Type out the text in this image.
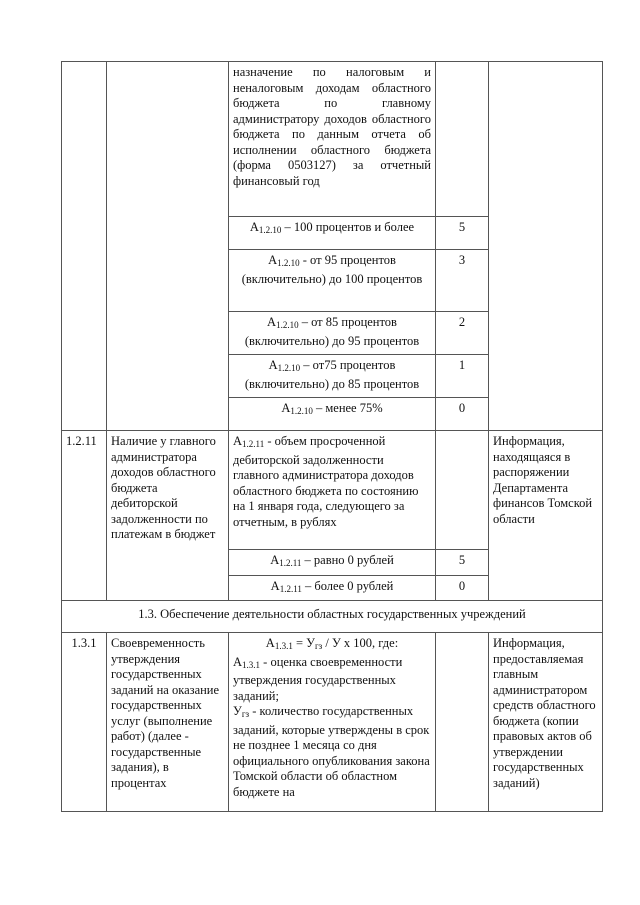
		назначение по налоговым и неналоговым доходам областного бюджета по главному администратору доходов областного бюджета по данным отчета об исполнении областного бюджета (форма 0503127) за отчетный финансовый год		
		$A_{1.2.10} - 100$ процентов и более	5	
		$A_{1.2.10}$ - от 95 процентов (включительно) до 100 процентов	3	
		$A_{1.2.10}$ – от 85 процентов (включительно) до 95 процентов	2	
		$A_{1.2.10} - от75$ процентов (включительно) до 85 процентов	1	
		$A_{1.2.10}$ – менее 75%	0	
1.2.11	Наличие у главного администратора доходов областного бюджета дебиторской задолженности по платежам в бюджет	$A_{1.2.11}$ - объем просроченной дебиторской задолженности главного администратора доходов областного бюджета по состоянию на 1 января года, следующего за отчетным, в рублях		Информация, находящаяся в распоряжении Департамента финансов Томской области
		$A_{1.2.11}$ – равно 0 рублей	5	
		$A_{1.2.11}$ – более 0 рублей	0	
1.3. Обеспечение деятельности областных государственных учреждений				
1.3.1	Своевременность утверждения государственных заданий на оказание государственных услуг (выполнение работ) (далее - государственные задания), в процентах	$A_{1.3.1} = У_{гз} / У$ х 100, где:
$A_{1.3.1}$ - оценка своевременности утверждения государственных заданий;
$У_{гз}$ - количество государственных заданий, которые утверждены в срок не позднее 1 месяца со дня официального опубликования закона Томской области об областном бюджете на		Информация, предоставляемая главным администратором средств областного бюджета (копии правовых актов об утверждении государственных заданий)
